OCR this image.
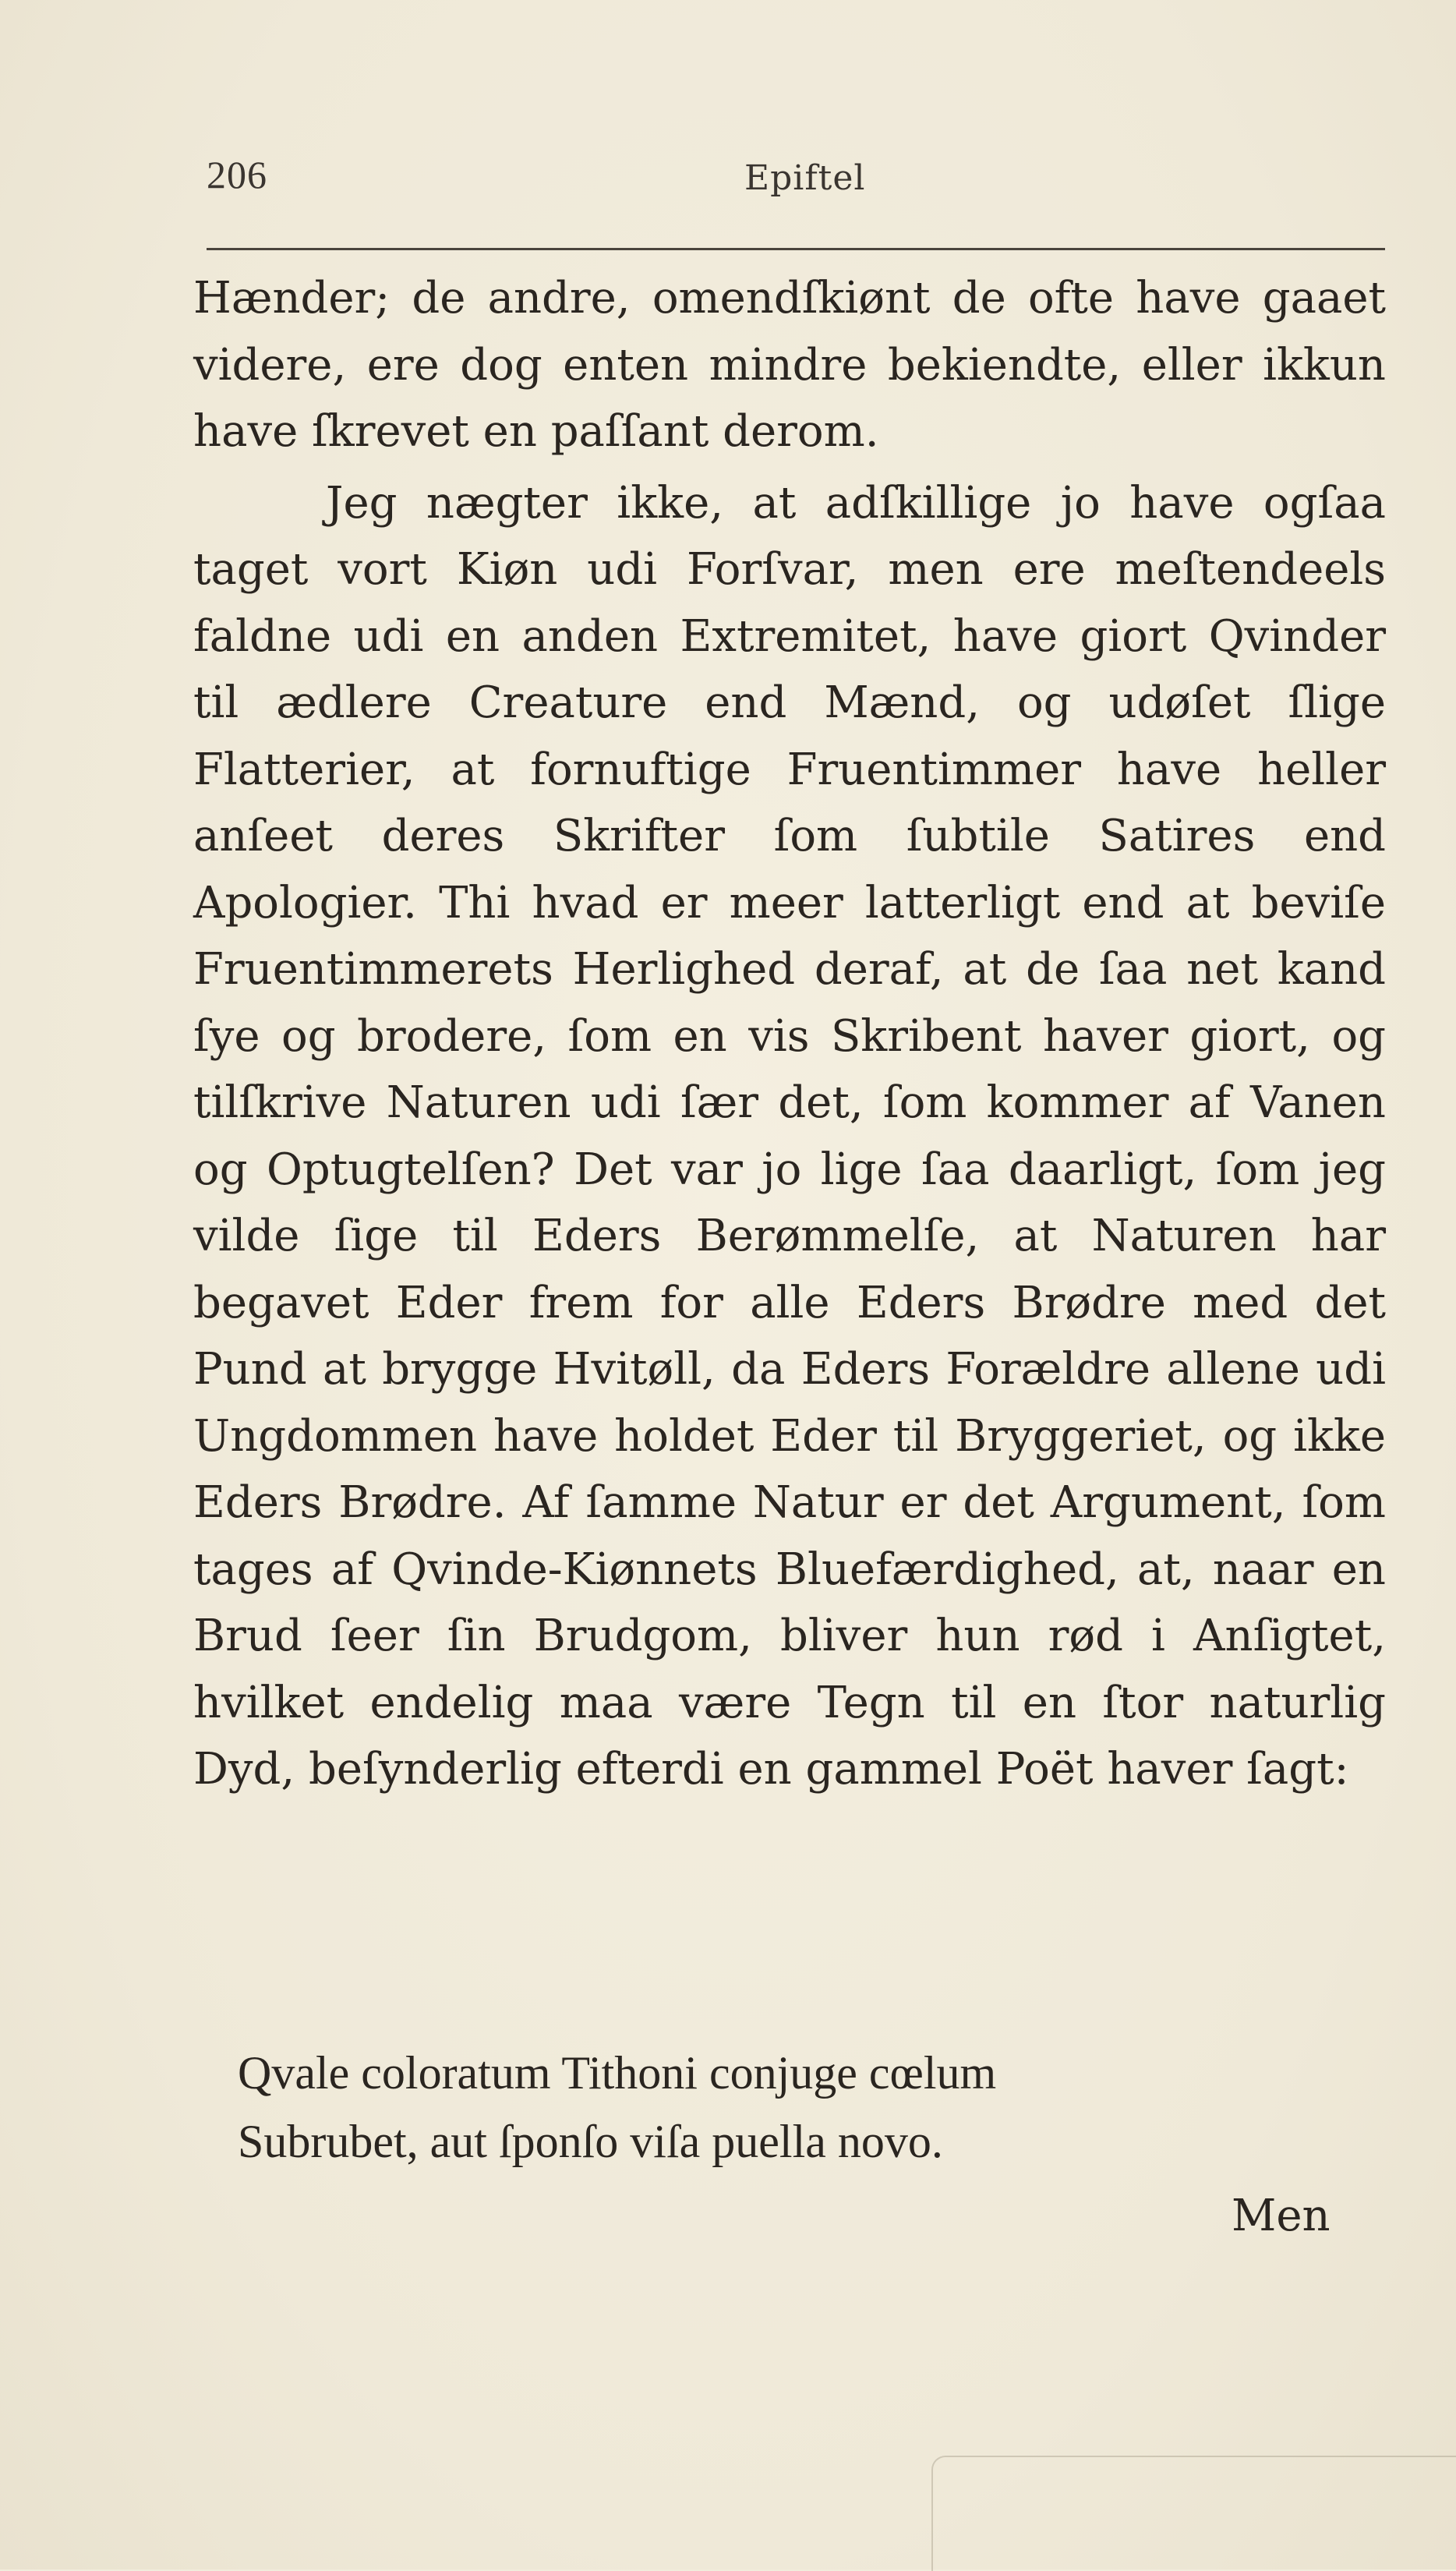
206	Epiftel

Hænder; de andre, omendſkiønt de ofte have gaaet videre, ere dog enten mindre bekiendte, eller ikkun have ſkrevet en paſſant derom.

Jeg nægter ikke, at adſkillige jo have ogſaa taget vort Kiøn udi Forſvar, men ere meſtendeels faldne udi en anden Extremitet, have giort Qvinder til ædlere Creature end Mænd, og udøſet ſlige Flatterier, at fornuftige Fruentimmer have heller anſeet deres Skrifter ſom ſubtile Satires end Apologier. Thi hvad er meer latterligt end at beviſe Fruentimmerets Herlighed deraf, at de ſaa net kand ſye og brodere, ſom en vis Skribent haver giort, og tilſkrive Naturen udi ſær det, ſom kommer af Vanen og Optugtelſen? Det var jo lige ſaa daarligt, ſom jeg vilde ſige til Eders Berømmelſe, at Naturen har begavet Eder frem for alle Eders Brødre med det Pund at brygge Hvitøll, da Eders Forældre allene udi Ungdommen have holdet Eder til Bryggeriet, og ikke Eders Brødre. Af ſamme Natur er det Argument, ſom tages af Qvinde-Kiønnets Bluefærdighed, at, naar en Brud ſeer ſin Brudgom, bliver hun rød i Anſigtet, hvilket endelig maa være Tegn til en ſtor naturlig Dyd, beſynderlig efterdi en gammel Poët haver ſagt:

Qvale coloratum Tithoni conjuge cœlum
Subrubet, aut ſponſo viſa puella novo.
Men
